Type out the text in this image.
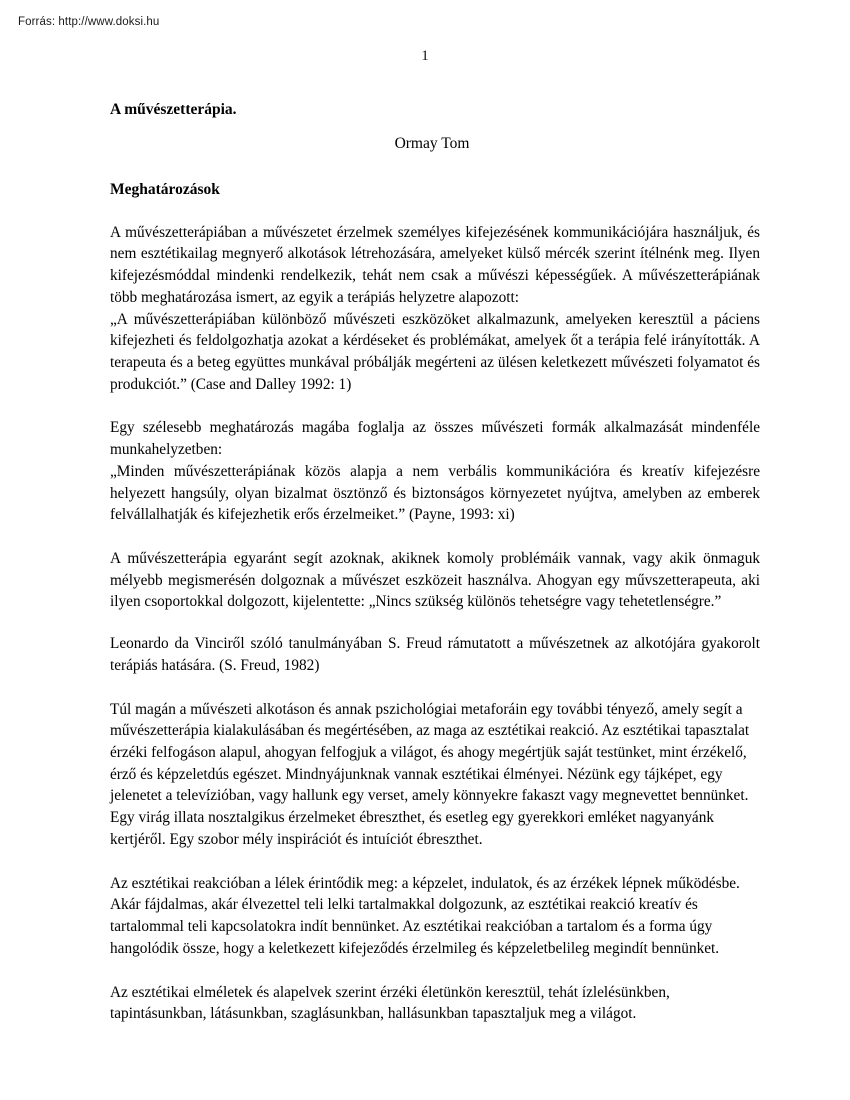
Forrás: http://www.doksi.hu
1
A művészetterápia.
Ormay Tom
Meghatározások

A művészetterápiában a művészetet érzelmek személyes kifejezésének kommunikációjára használjuk, és nem esztétikailag megnyerő alkotások létrehozására, amelyeket külső mércék szerint ítélnénk meg. Ilyen kifejezésmóddal mindenki rendelkezik, tehát nem csak a művészi képességűek. A művészetterápiának több meghatározása ismert, az egyik a terápiás helyzetre alapozott:

„A művészetterápiában különböző művészeti eszközöket alkalmazunk, amelyeken keresztül a páciens kifejezheti és feldolgozhatja azokat a kérdéseket és problémákat, amelyek őt a terápia felé irányították. A terapeuta és a beteg együttes munkával próbálják megérteni az ülésen keletkezett művészeti folyamatot és produkciót.” (Case and Dalley 1992: 1)

Egy szélesebb meghatározás magába foglalja az összes művészeti formák alkalmazását mindenféle munkahelyzetben:

„Minden művészetterápiának közös alapja a nem verbális kommunikációra és kreatív kifejezésre helyezett hangsúly, olyan bizalmat ösztönző és biztonságos környezetet nyújtva, amelyben az emberek felvállalhatják és kifejezhetik erős érzelmeiket.” (Payne, 1993: xi)

A művészetterápia egyaránt segít azoknak, akiknek komoly problémáik vannak, vagy akik önmaguk mélyebb megismerésén dolgoznak a művészet eszközeit használva. Ahogyan egy művszetterapeuta, aki ilyen csoportokkal dolgozott, kijelentette: „Nincs szükség különös tehetségre vagy tehetetlenségre.”

Leonardo da Vinciről szóló tanulmányában S. Freud rámutatott a művészetnek az alkotójára gyakorolt terápiás hatására. (S. Freud, 1982)

Túl magán a művészeti alkotáson és annak pszichológiai metaforáin egy további tényező, amely segít a művészetterápia kialakulásában és megértésében, az maga az esztétikai reakció. Az esztétikai tapasztalat érzéki felfogáson alapul, ahogyan felfogjuk a világot, és ahogy megértjük saját testünket, mint érzékelő, érző és képzeletdús egészet. Mindnyájunknak vannak esztétikai élményei. Nézünk egy tájképet, egy jelenetet a televízióban, vagy hallunk egy verset, amely könnyekre fakaszt vagy megnevettet bennünket. Egy virág illata nosztalgikus érzelmeket ébreszthet, és esetleg egy gyerekkori emléket nagyanyánk kertjéről. Egy szobor mély inspirációt és intuíciót ébreszthet.

Az esztétikai reakcióban a lélek érintődik meg: a képzelet, indulatok, és az érzékek lépnek működésbe. Akár fájdalmas, akár élvezettel teli lelki tartalmakkal dolgozunk, az esztétikai reakció kreatív és tartalommal teli kapcsolatokra indít bennünket. Az esztétikai reakcióban a tartalom és a forma úgy hangolódik össze, hogy a keletkezett kifejeződés érzelmileg és képzeletbelileg megindít bennünket.

Az esztétikai elméletek és alapelvek szerint érzéki életünkön keresztül, tehát ízlelésünkben, tapintásunkban, látásunkban, szaglásunkban, hallásunkban tapasztaljuk meg a világot.
